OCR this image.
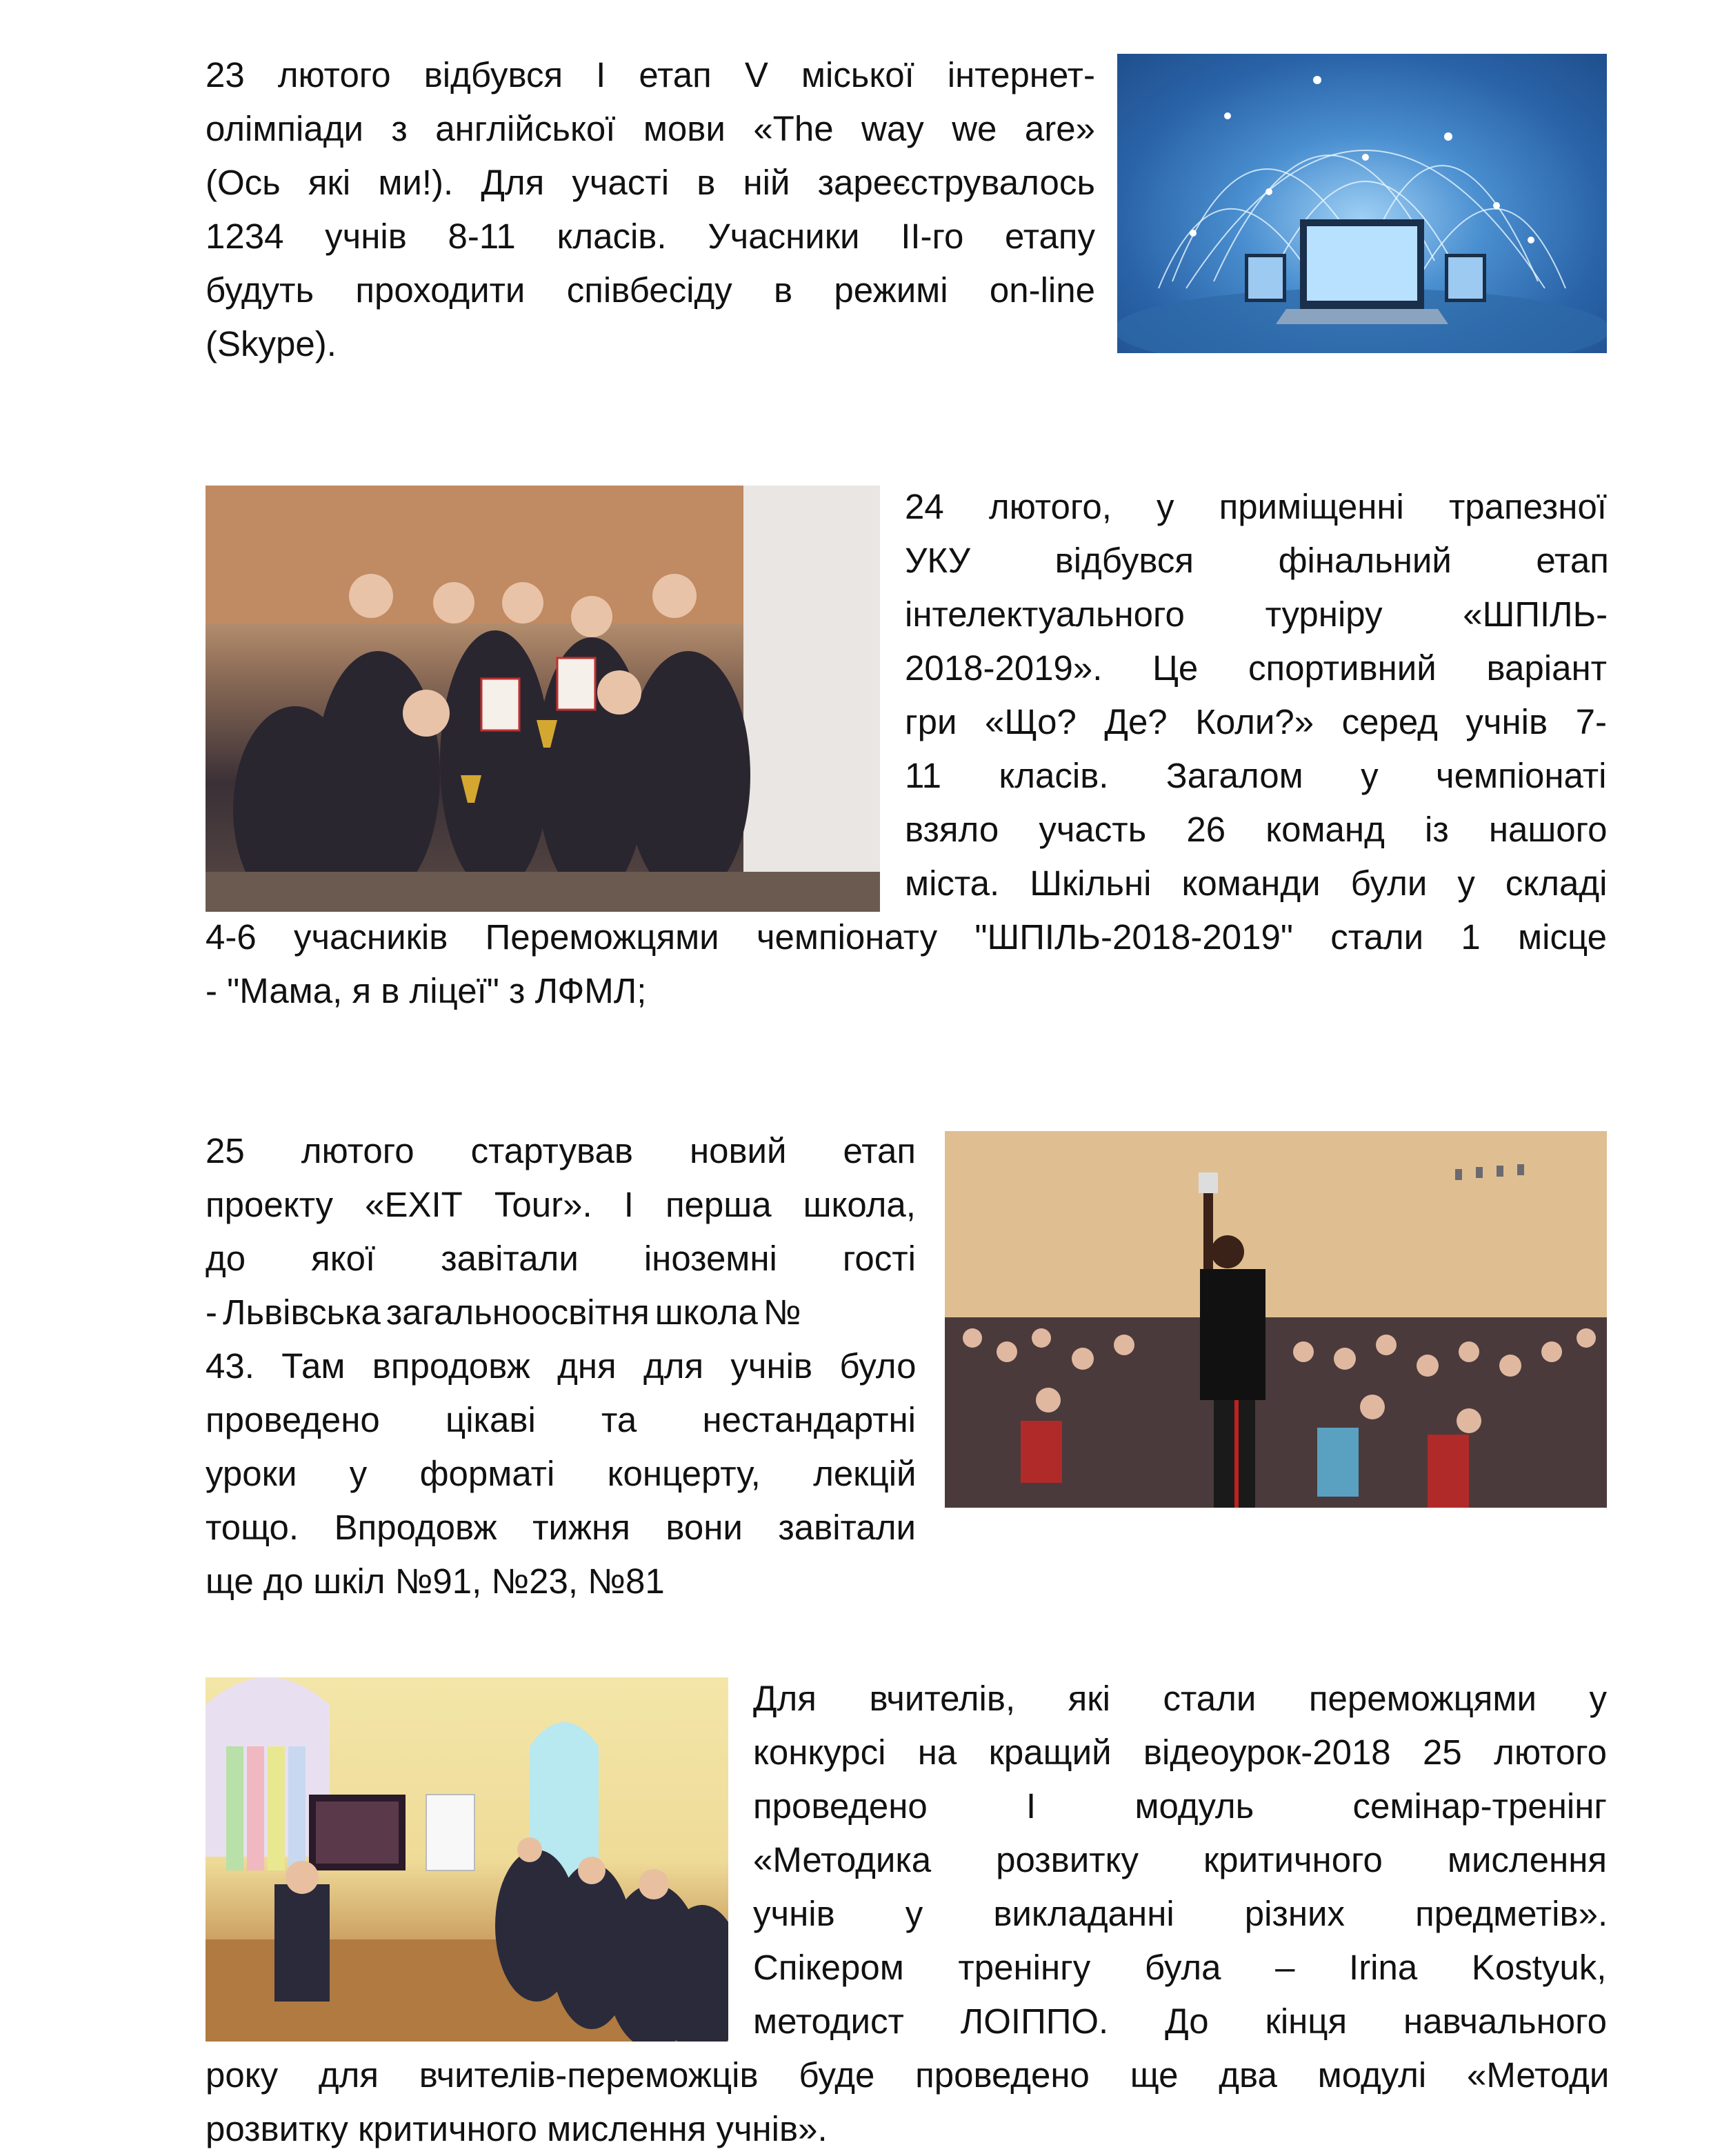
23 лютого відбувся І етап V міської інтернет-
олімпіади з англійської мови «The way we are»
(Ось які ми!). Для участі в ній зареєструвалось
1234 учнів 8-11 класів. Учасники ІІ-го етапу
будуть проходити співбесіду в режимі on-line
(Skype).
24 лютого, у приміщенні трапезної
УКУ відбувся фінальний етап
інтелектуального турніру «ШПІЛЬ-
2018-2019». Це спортивний варіант
гри «Що? Де? Коли?» серед учнів 7-
11 класів. Загалом у чемпіонаті
взяло участь 26 команд із нашого
міста. Шкільні команди були у складі
4-6 учасників Переможцями чемпіонату "ШПІЛЬ-2018-2019" стали 1 місце
- "Мама, я в ліцеї" з ЛФМЛ;
25 лютого стартував новий етап
проекту «EXIT Tour». І перша школа,
до якої завітали іноземні гості
- Львівська загальноосвітня школа №
43. Там впродовж дня для учнів було
проведено цікаві та нестандартні
уроки у форматі концерту, лекцій
тощо. Впродовж тижня вони завітали
ще до шкіл №91, №23, №81
Для вчителів, які стали переможцями у
конкурсі на кращий відеоурок-2018 25 лютого
проведено	І	модуль	семінар-тренінг
«Методика розвитку критичного мислення
учнів у викладанні різних предметів».
Спікером тренінгу була – Irina Kostyuk,
методист ЛОІППО. До кінця навчального
року для вчителів-переможців буде проведено ще два модулі «Методи
розвитку критичного мислення учнів».
